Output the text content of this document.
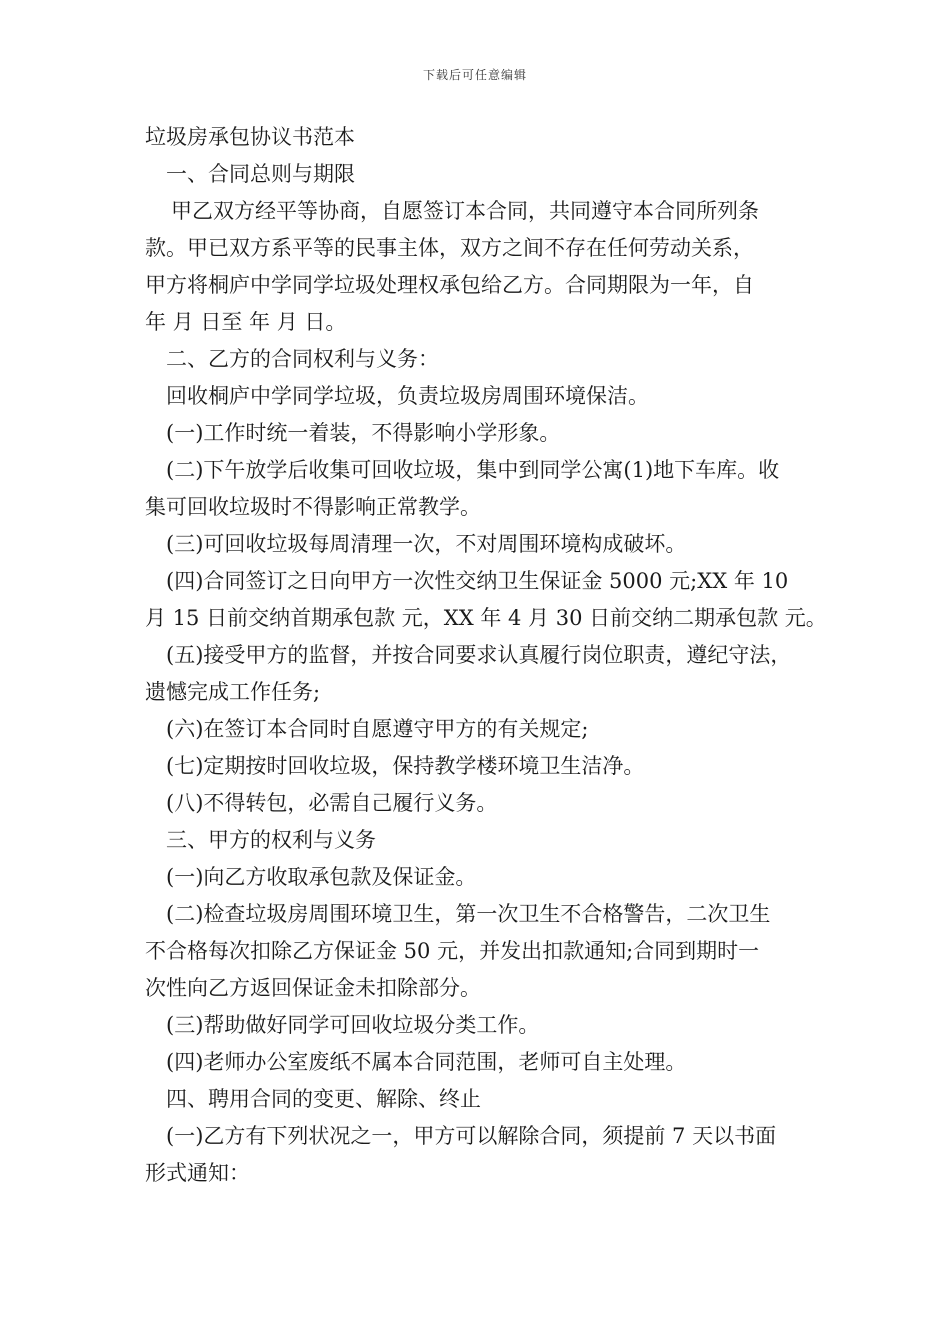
下载后可任意编辑
垃圾房承包协议书范本
一、合同总则与期限
甲乙双方经平等协商，自愿签订本合同，共同遵守本合同所列条
款。甲已双方系平等的民事主体，双方之间不存在任何劳动关系，
甲方将桐庐中学同学垃圾处理权承包给乙方。合同期限为一年，自
年 月 日至 年 月 日。
二、乙方的合同权利与义务：
回收桐庐中学同学垃圾，负责垃圾房周围环境保洁。
(一)工作时统一着装，不得影响小学形象。
(二)下午放学后收集可回收垃圾，集中到同学公寓(1)地下车库。收
集可回收垃圾时不得影响正常教学。
(三)可回收垃圾每周清理一次，不对周围环境构成破坏。
(四)合同签订之日向甲方一次性交纳卫生保证金 5000 元;XX 年 10
月 15 日前交纳首期承包款 元，XX 年 4 月 30 日前交纳二期承包款 元。
(五)接受甲方的监督，并按合同要求认真履行岗位职责，遵纪守法，
遗憾完成工作任务;
(六)在签订本合同时自愿遵守甲方的有关规定;
(七)定期按时回收垃圾，保持教学楼环境卫生洁净。
(八)不得转包，必需自己履行义务。
三、甲方的权利与义务
(一)向乙方收取承包款及保证金。
(二)检查垃圾房周围环境卫生，第一次卫生不合格警告，二次卫生
不合格每次扣除乙方保证金 50 元，并发出扣款通知;合同到期时一
次性向乙方返回保证金未扣除部分。
(三)帮助做好同学可回收垃圾分类工作。
(四)老师办公室废纸不属本合同范围，老师可自主处理。
四、聘用合同的变更、解除、终止
(一)乙方有下列状况之一，甲方可以解除合同，须提前 7 天以书面
形式通知：
